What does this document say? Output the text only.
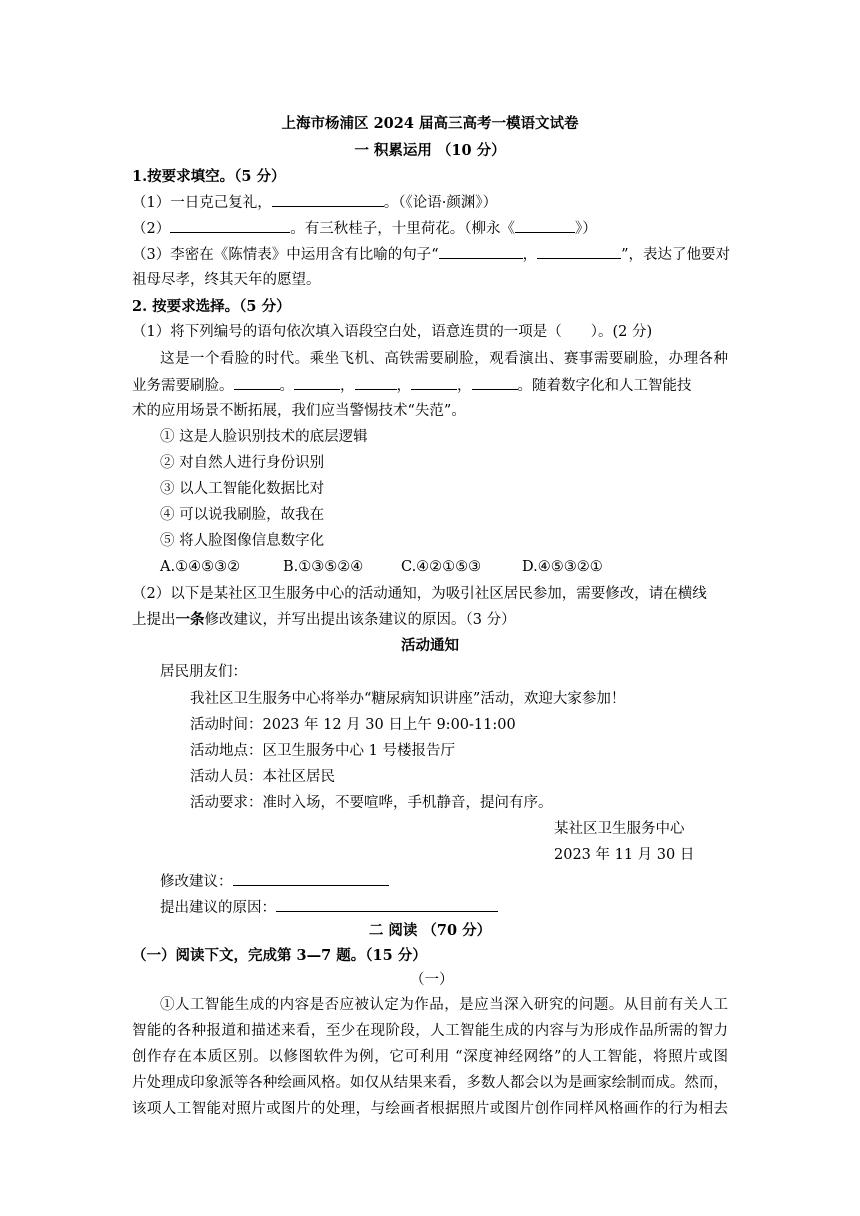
上海市杨浦区 2024 届高三高考一模语文试卷
一 积累运用 （10 分）
1.按要求填空。（5 分）
（1）一日克己复礼，	。（《论语·颜渊》）
（2）	。有三秋桂子，十里荷花。（柳永《	》）
（3）李密在《陈情表》中运用含有比喻的句子“	，	”，表达了他要对
祖母尽孝，终其天年的愿望。
2. 按要求选择。（5 分）
（1）将下列编号的语句依次填入语段空白处，语意连贯的一项是（　　）。(2 分)
这是一个看脸的时代。乘坐飞机、高铁需要刷脸，观看演出、赛事需要刷脸，办理各种
业务需要刷脸。	。	，	，	，	。随着数字化和人工智能技
术的应用场景不断拓展，我们应当警惕技术“失范”。
① 这是人脸识别技术的底层逻辑
② 对自然人进行身份识别
③ 以人工智能化数据比对
④ 可以说我刷脸，故我在
⑤ 将人脸图像信息数字化
A.①④⑤③②	B.①③⑤②④	C.④②①⑤③	D.④⑤③②①
（2）以下是某社区卫生服务中心的活动通知，为吸引社区居民参加，需要修改，请在横线
上提出一条修改建议，并写出提出该条建议的原因。（3 分）
活动通知
居民朋友们：
我社区卫生服务中心将举办“糖尿病知识讲座”活动，欢迎大家参加！
活动时间：2023 年 12 月 30 日上午 9:00-11:00
活动地点：区卫生服务中心 1 号楼报告厅
活动人员：本社区居民
活动要求：准时入场，不要喧哗，手机静音，提问有序。
某社区卫生服务中心
2023 年 11 月 30 日
修改建议：
提出建议的原因：
二 阅读 （70 分）
（一）阅读下文，完成第 3—7 题。（15 分）
（一）
①人工智能生成的内容是否应被认定为作品，是应当深入研究的问题。从目前有关人工
智能的各种报道和描述来看，至少在现阶段，人工智能生成的内容与为形成作品所需的智力
创作存在本质区别。以修图软件为例，它可利用 “深度神经网络”的人工智能，将照片或图
片处理成印象派等各种绘画风格。如仅从结果来看，多数人都会以为是画家绘制而成。然而，
该项人工智能对照片或图片的处理，与绘画者根据照片或图片创作同样风格画作的行为相去
